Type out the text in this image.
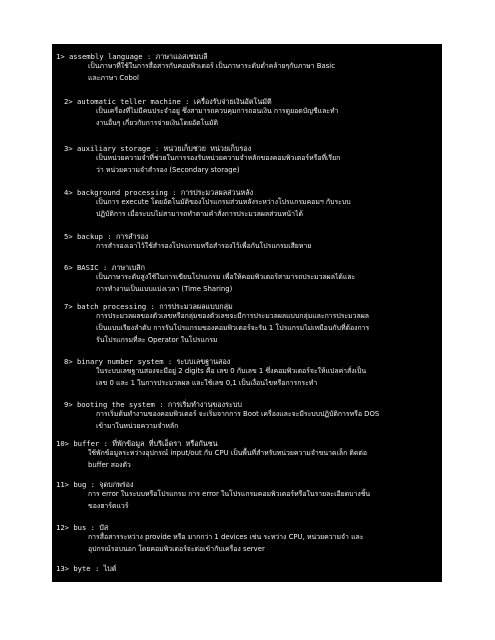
1> assembly language : ภาษาแอสเซมบลี
เป็นภาษาที่ใช้ในการสื่อสารกับคอมพิวเตอร์ เป็นภาษาระดับต่ำคล้ายๆกับภาษา Basic
และภาษา Cobol
2> automatic teller machine : เครื่องรับจ่ายเงินอัตโนมัติ
เป็นเครื่องที่ไม่มีคนประจำอยู่ ซึ่งสามารถควบคุมการถอนเงิน การดูยอดบัญชีและทำ
งานอื่นๆ เกี่ยวกับการจ่ายเงินโดยอัตโนมัติ
3> auxiliary storage : หน่วยเก็บช่วย หน่วยเก็บรอง
เป็นหน่วยความจำที่ช่วยในการรองรับหน่วยความจำหลักของคอมพิวเตอร์หรือที่เรียก
ว่า หน่วยความจำสำรอง (Secondary storage)
4> background processing : การประมวลผลส่วนหลัง
เป็นการ execute โดยอัตโนมัติของโปรแกรมส่วนหลังระหว่างโปรแกรมคอมฯ กับระบบ
ปฏิบัติการ เมื่อระบบไม่สามารถทำตามคำสั่งการประมวลผลส่วนหน้าได้
5> backup : การสำรอง
การสำรองเอาไว้ใช้สำรองโปรแกรมหรือสำรองไว้เพื่อกันโปรแกรมเสียหาย
6> BASIC : ภาษาเบสิก
เป็นภาษาระดับสูงใช้ในการเขียนโปรแกรม เพื่อให้คอมพิวเตอร์สามารถประมวลผลได้และ
การทำงานเป็นแบบแบ่งเวลา (Time Sharing)
7> batch processing : การประมวลผลแบบกลุ่ม
การประมวลผลของตัวเลขหรือกลุ่มของตัวเลขจะมีการประมวลผลแบบกลุ่มและการประมวลผล
เป็นแบบเรียงลำดับ การรันโปรแกรมของคอมพิวเตอร์จะรัน 1 โปรแกรมไม่เหมือนกับที่ต้องการ
รันโปรแกรมที่ละ Operator ในโปรแกรม
8> binary number system : ระบบเลขฐานสอง
ในระบบเลขฐานสองจะมีอยู่ 2 digits คือ เลข 0 กับเลข 1 ซึ่งคอมพิวเตอร์จะให้แปลค่าสั่งเป็น
เลข 0 และ 1 ในการประมวลผล และใช้เลข 0,1 เป็นเงื่อนไขหรือการกระทำ
9> booting the system : การเริ่มทำงานของระบบ
การเริ่มต้นทำงานของคอมพิวเตอร์ จะเริ่มจากการ Boot เครื่องและจะมีระบบปฏิบัติการหรือ DOS
เข้ามาในหน่วยความจำหลัก
10> buffer : ที่พักข้อมูล ที่บริเอ็ดรา หรือกันชน
ใช้พักข้อมูลระหว่างอุปกรณ์ input/out กับ CPU เป็นพื้นที่สำหรับหน่วยความจำขนาดเล็ก ติดต่อ
buffer สองตัว
11> bug : จุดบกพร่อง
การ error ในระบบหรือโปรแกรม การ error ในโปรแกรมคอมพิวเตอร์หรือในรายละเอียดบางชิ้น
ของฮาร์ดแวร์
12> bus : บัส
การสื่อสารระหว่าง provide หรือ มากกว่า 1 devices เช่น ระหว่าง CPU, หน่วยความจำ และ
อุปกรณ์รอบนอก โดยคอมพิวเตอร์จะต่อเข้ากับเครื่อง server
13> byte : ไบต์
